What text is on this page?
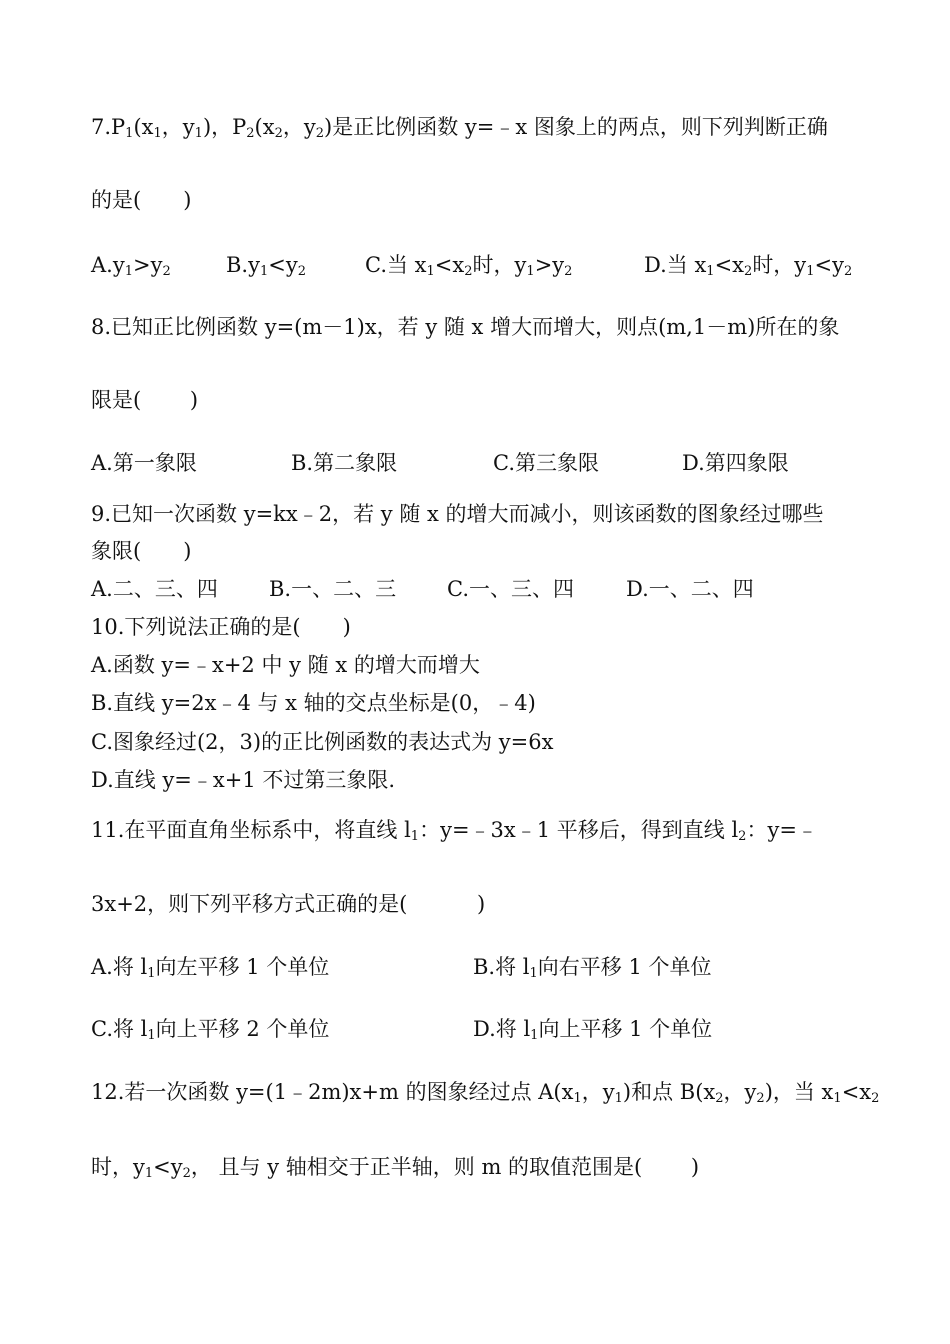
$7.P_1(x_1$，$y_1$)，$P_2(x_2$，$y_2$)是正比例函数 y=﹣x 图象上的两点，则下列判断正确
的是(　　)
$A.y_1>y_2$	$B.y_1<y_2$	C.当 $x_1<x_2$时，$y_1>y_2$	D.当 $x_1<x_2$时，$y_1<y_2$
8.已知正比例函数 y=(m－1)x，若 y 随 x 增大而增大，则点(m,1－m)所在的象
限是(　　 )
A.第一象限	B.第二象限	C.第三象限	D.第四象限
9.已知一次函数 y=kx﹣2，若 y 随 x 的增大而减小，则该函数的图象经过哪些
象限(　　)
A.二、三、四 B.一、二、三 C.一、三、四 D.一、二、四
10.下列说法正确的是(　　)
A.函数 y=﹣x+2 中 y 随 x 的增大而增大
B.直线 y=2x﹣4 与 x 轴的交点坐标是(0，﹣4)
C.图象经过(2，3)的正比例函数的表达式为 y=6x
D.直线 y=﹣x+1 不过第三象限.
11.在平面直角坐标系中，将直线 $l_1$：y=﹣3x﹣1 平移后，得到直线 $l_2$：y=﹣
3x+2，则下列平移方式正确的是(　　　 )
A.将 $l_1$向左平移 1 个单位	B.将 $l_1$向右平移 1 个单位
C.将 $l_1$向上平移 2 个单位	D.将 $l_1$向上平移 1 个单位
12.若一次函数 y=(1﹣2m)x+m 的图象经过点 $A(x_1$，$y_1$)和点 $B(x_2$，$y_2$)，当 $x_1<x_2$
时，$y_1<y_2$， 且与 y 轴相交于正半轴，则 m 的取值范围是(　　 )
